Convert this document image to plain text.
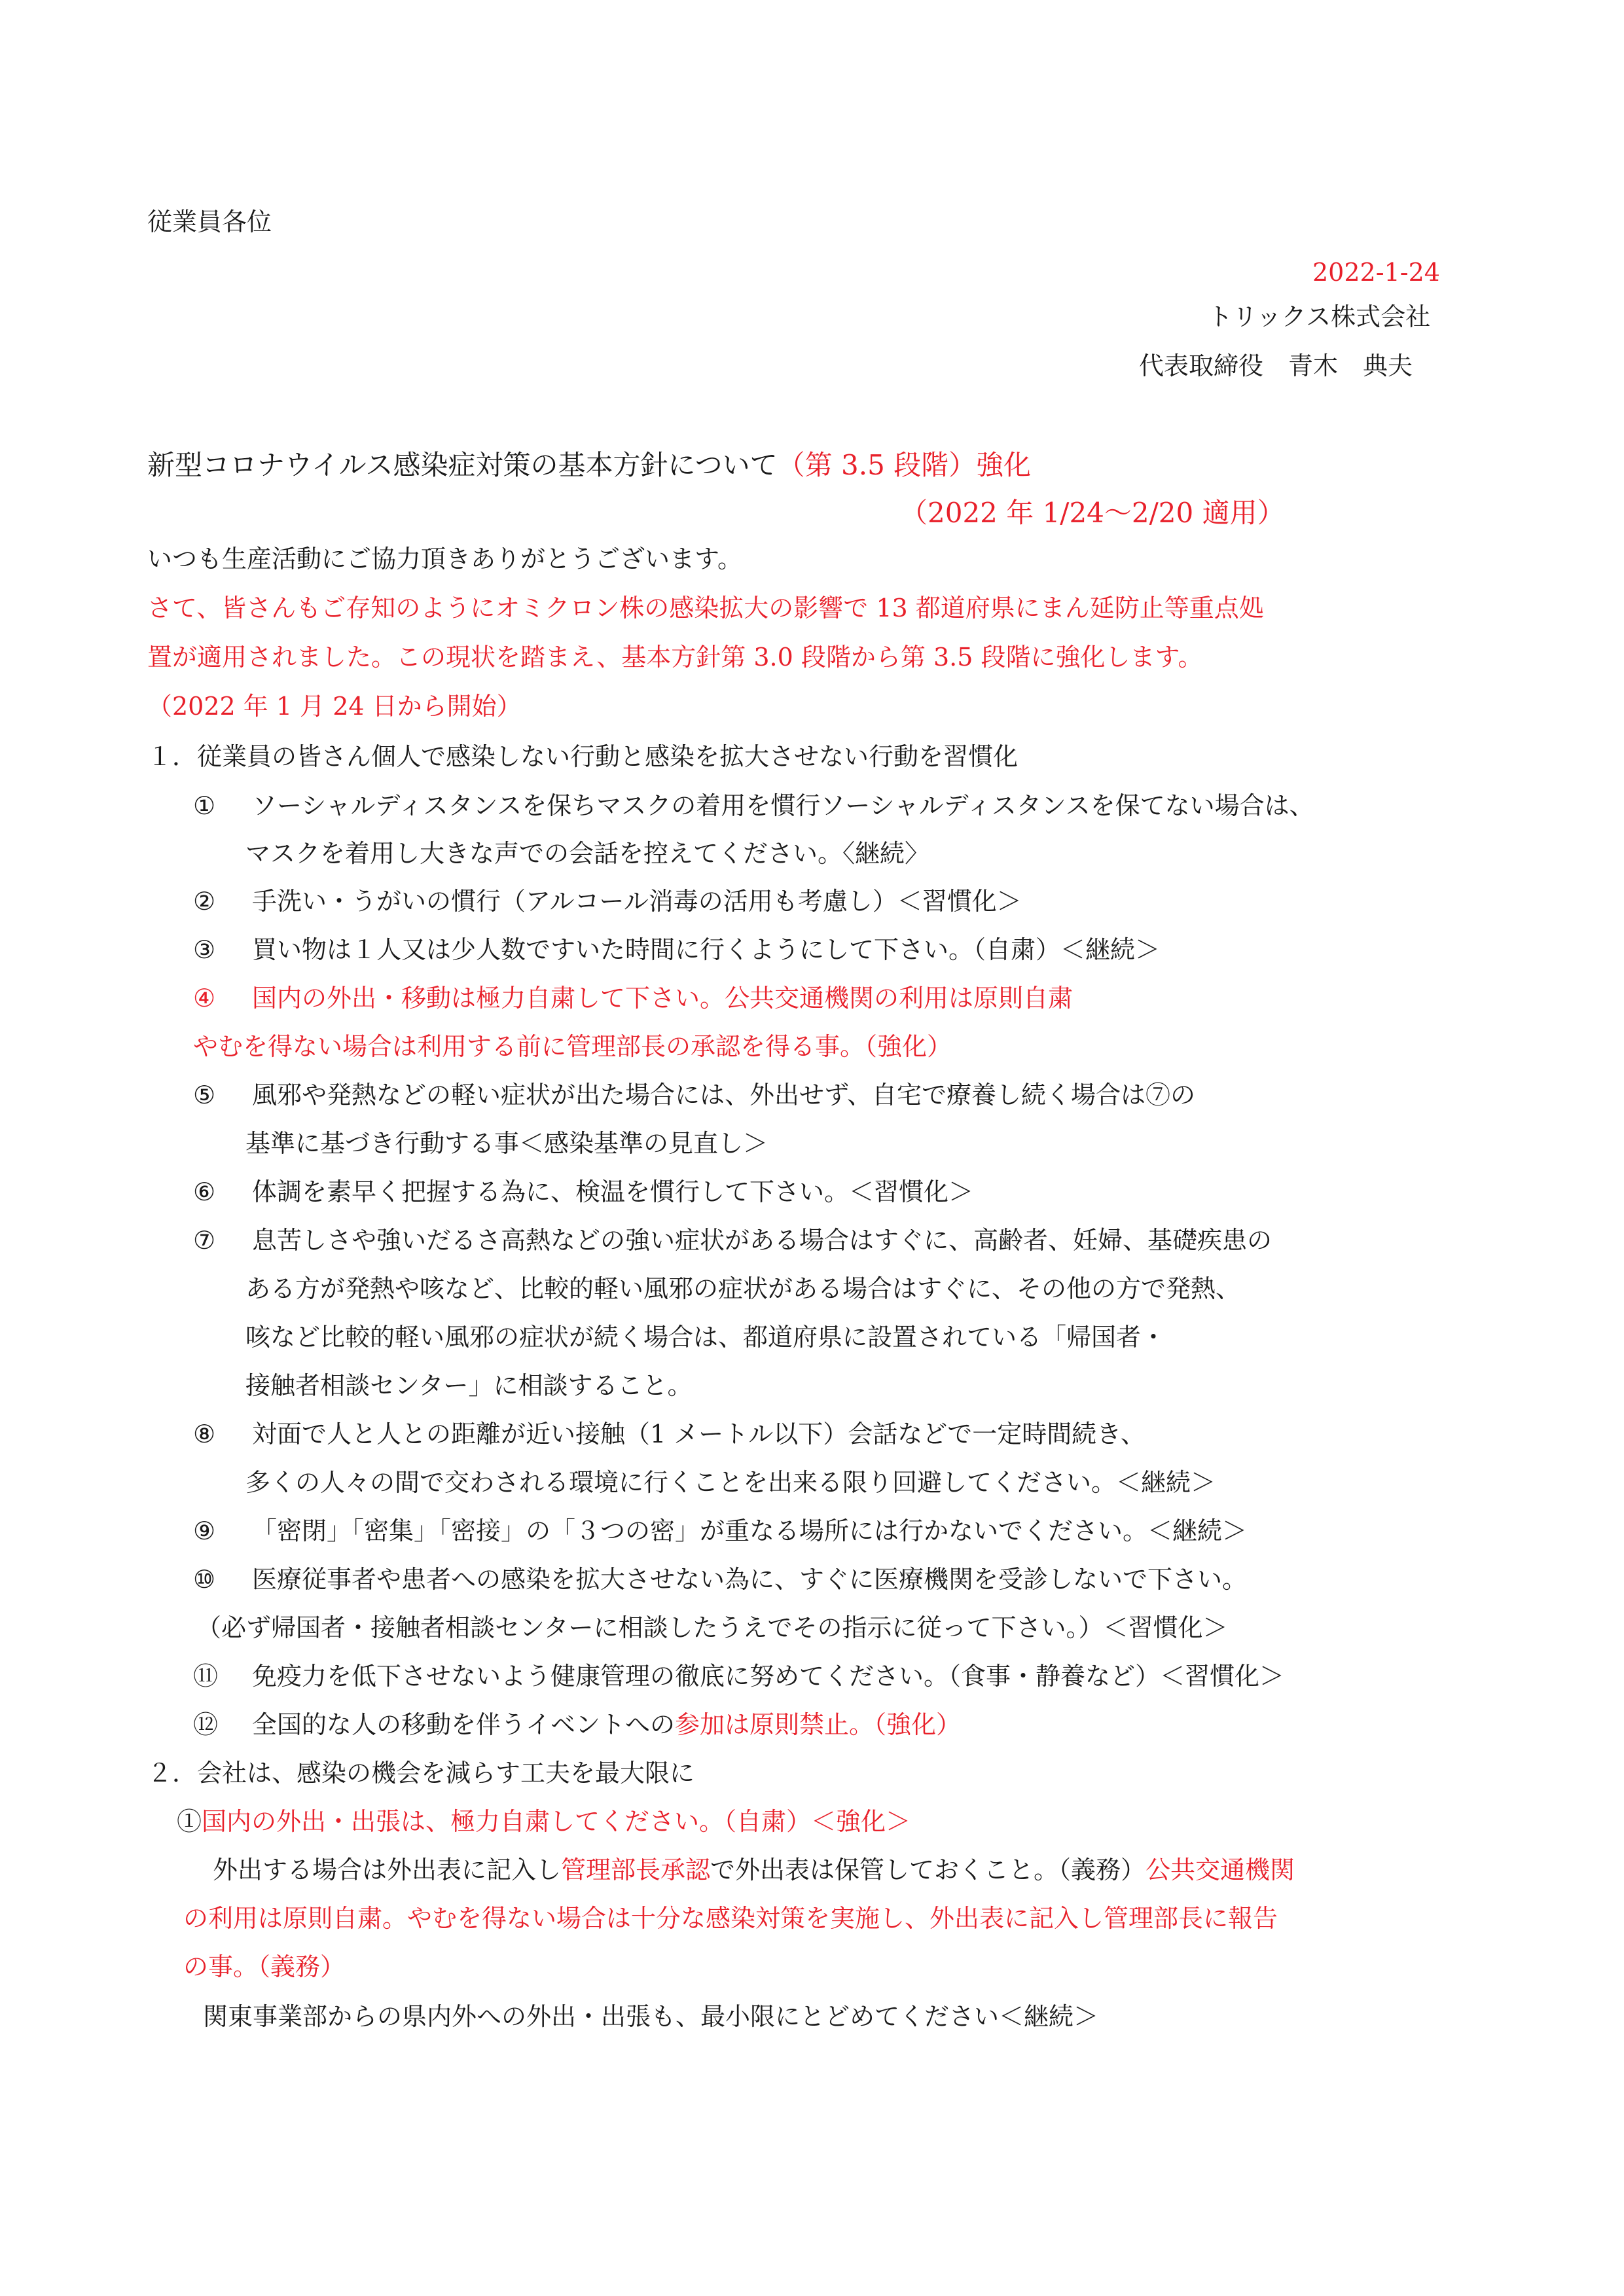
従業員各位
2022-1-24
トリックス株式会社
代表取締役　青木　典夫
新型コロナウイルス感染症対策の基本方針について（第 3.5 段階）強化
（2022 年 1/24～2/20 適用）
いつも生産活動にご協力頂きありがとうございます。
さて、皆さんもご存知のようにオミクロン株の感染拡大の影響で 13 都道府県にまん延防止等重点処
置が適用されました。この現状を踏まえ、基本方針第 3.0 段階から第 3.5 段階に強化します。
（2022 年 1 月 24 日から開始）
１．従業員の皆さん個人で感染しない行動と感染を拡大させない行動を習慣化
① ソーシャルディスタンスを保ちマスクの着用を慣行ソーシャルディスタンスを保てない場合は、
マスクを着用し大きな声での会話を控えてください。〈継続〉
② 手洗い・うがいの慣行（アルコール消毒の活用も考慮し）＜習慣化＞
③ 買い物は１人又は少人数ですいた時間に行くようにして下さい。（自粛）＜継続＞
④ 国内の外出・移動は極力自粛して下さい。公共交通機関の利用は原則自粛
やむを得ない場合は利用する前に管理部長の承認を得る事。（強化）
⑤ 風邪や発熱などの軽い症状が出た場合には、外出せず、自宅で療養し続く場合は⑦の
基準に基づき行動する事＜感染基準の見直し＞
⑥ 体調を素早く把握する為に、検温を慣行して下さい。＜習慣化＞
⑦ 息苦しさや強いだるさ高熱などの強い症状がある場合はすぐに、高齢者、妊婦、基礎疾患の
ある方が発熱や咳など、比較的軽い風邪の症状がある場合はすぐに、その他の方で発熱、
咳など比較的軽い風邪の症状が続く場合は、都道府県に設置されている「帰国者・
接触者相談センター」に相談すること。
⑧ 対面で人と人との距離が近い接触（1 メートル以下）会話などで一定時間続き、
多くの人々の間で交わされる環境に行くことを出来る限り回避してください。＜継続＞
⑨ 「密閉」「密集」「密接」の「３つの密」が重なる場所には行かないでください。＜継続＞
⑩ 医療従事者や患者への感染を拡大させない為に、すぐに医療機関を受診しないで下さい。
（必ず帰国者・接触者相談センターに相談したうえでその指示に従って下さい。）＜習慣化＞
⑪ 免疫力を低下させないよう健康管理の徹底に努めてください。（食事・静養など）＜習慣化＞
⑫ 全国的な人の移動を伴うイベントへの参加は原則禁止。（強化）
２．会社は、感染の機会を減らす工夫を最大限に
①国内の外出・出張は、極力自粛してください。（自粛）＜強化＞
外出する場合は外出表に記入し管理部長承認で外出表は保管しておくこと。（義務）公共交通機関
の利用は原則自粛。やむを得ない場合は十分な感染対策を実施し、外出表に記入し管理部長に報告
の事。（義務）
関東事業部からの県内外への外出・出張も、最小限にとどめてください＜継続＞
